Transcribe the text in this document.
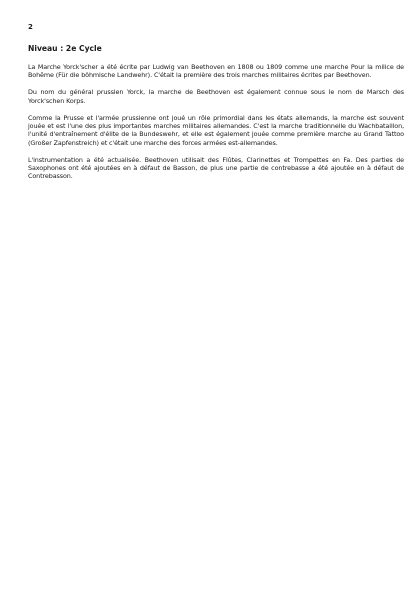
2
Niveau : 2e Cycle

La Marche Yorck'scher a été écrite par Ludwig van Beethoven en 1808 ou 1809 comme une marche Pour la milice de Bohême (Für die böhmische Landwehr). C'était la première des trois marches militaires écrites par Beethoven.

Du nom du général prussien Yorck, la marche de Beethoven est également connue sous le nom de Marsch des Yorck'schen Korps.

Comme la Prusse et l'armée prussienne ont joué un rôle primordial dans les états allemands, la marche est souvent jouée et est l'une des plus importantes marches militaires allemandes. C'est la marche traditionnelle du Wachbataillon, l'unité d'entraînement d'élite de la Bundeswehr, et elle est également jouée comme première marche au Grand Tattoo (Großer Zapfenstreich) et c'était une marche des forces armées est-allemandes.

L'instrumentation a été actualisée. Beethoven utilisait des Flûtes, Clarinettes et Trompettes en Fa. Des parties de Saxophones ont été ajoutées en à défaut de Basson, de plus une partie de contrebasse a été ajoutée en à défaut de Contrebasson.
